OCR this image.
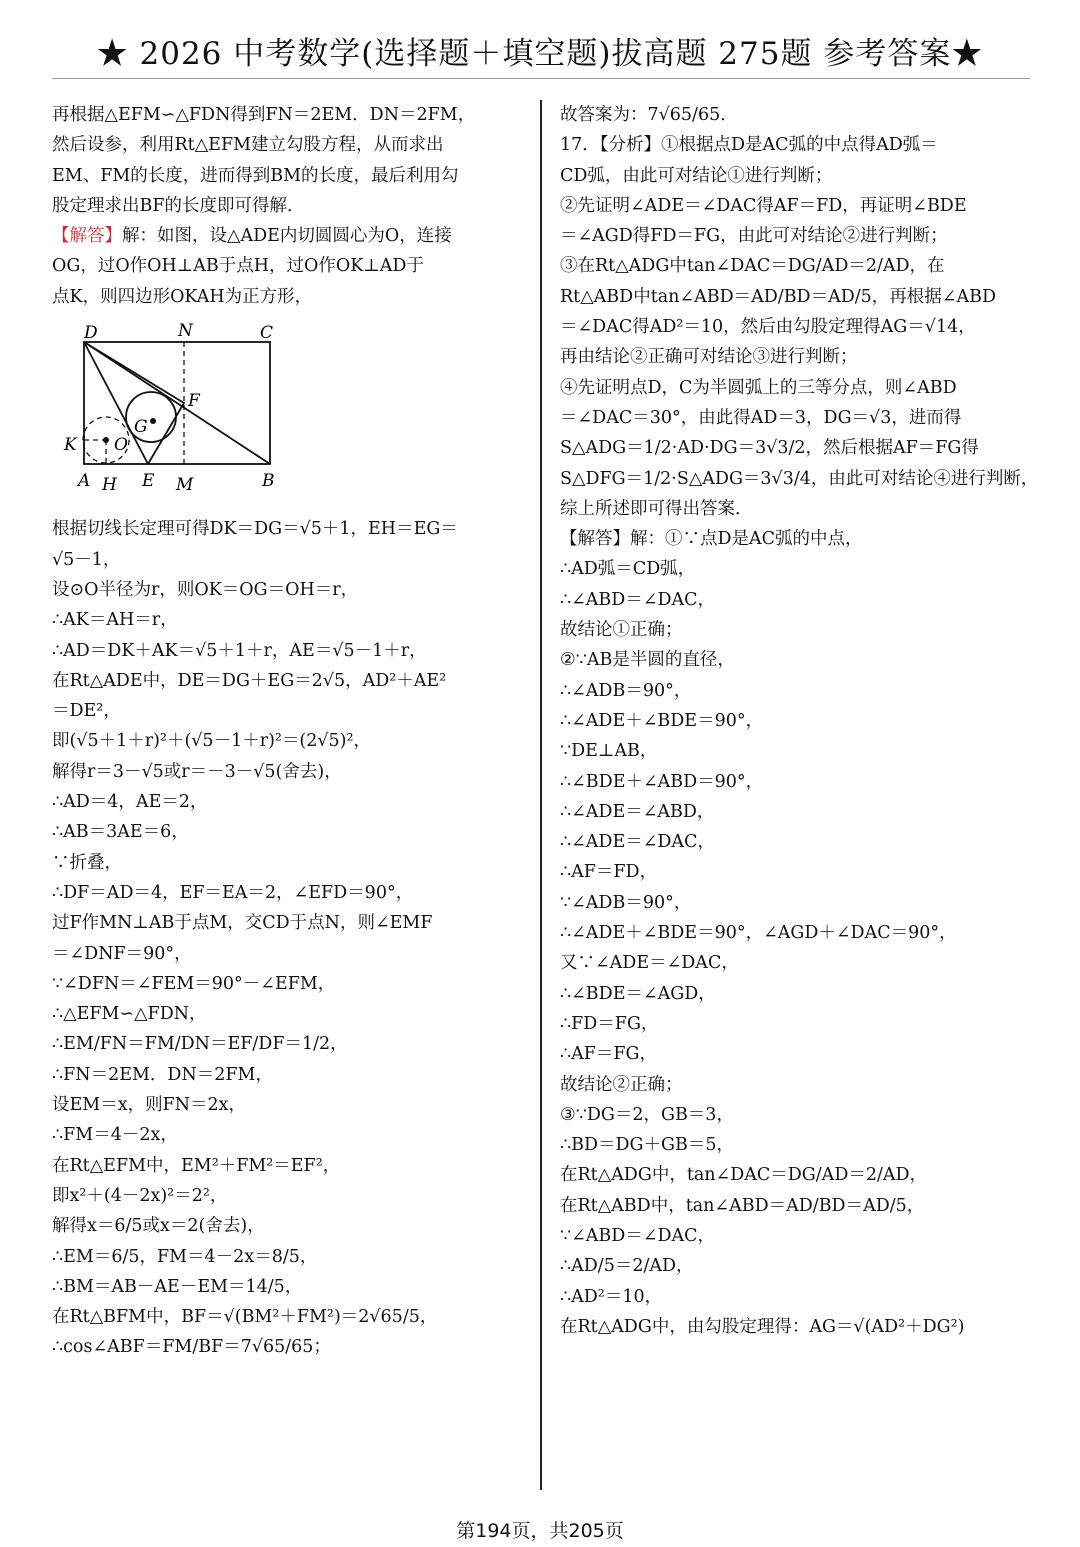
★ 2026 中考数学(选择题＋填空题)拔高题 275题 参考答案★
再根据△EFM∽△FDN得到FN＝2EM．DN＝2FM，
然后设参，利用Rt△EFM建立勾股方程，从而求出
EM、FM的长度，进而得到BM的长度，最后利用勾
股定理求出BF的长度即可得解．
【解答】解：如图，设△ADE内切圆圆心为O，连接
OG，过O作OH⊥AB于点H，过O作OK⊥AD于
点K，则四边形OKAH为正方形，
D	N	C
F
G
K O
A H E M	B
根据切线长定理可得DK＝DG＝√5＋1，EH＝EG＝
√5－1，
设⊙O半径为r，则OK＝OG＝OH＝r，
∴AK＝AH＝r，
∴AD＝DK＋AK＝√5＋1＋r，AE＝√5－1＋r，
在Rt△ADE中，DE＝DG＋EG＝2√5，AD²＋AE²
＝DE²，
即(√5＋1＋r)²＋(√5－1＋r)²＝(2√5)²，
解得r＝3－√5或r＝－3－√5(舍去)，
∴AD＝4，AE＝2，
∴AB＝3AE＝6，
∵折叠，
∴DF＝AD＝4，EF＝EA＝2，∠EFD＝90°，
过F作MN⊥AB于点M，交CD于点N，则∠EMF
＝∠DNF＝90°，
∵∠DFN＝∠FEM＝90°－∠EFM，
∴△EFM∽△FDN，
∴EM/FN＝FM/DN＝EF/DF＝1/2，
∴FN＝2EM．DN＝2FM，
设EM＝x，则FN＝2x，
∴FM＝4－2x，
在Rt△EFM中，EM²＋FM²＝EF²，
即x²＋(4－2x)²＝2²，
解得x＝6/5或x＝2(舍去)，
∴EM＝6/5，FM＝4－2x＝8/5，
∴BM＝AB－AE－EM＝14/5，
在Rt△BFM中，BF＝√(BM²＋FM²)＝2√65/5，
∴cos∠ABF＝FM/BF＝7√65/65；
故答案为：7√65/65．
17．【分析】①根据点D是AC弧的中点得AD弧＝
CD弧，由此可对结论①进行判断；
②先证明∠ADE＝∠DAC得AF＝FD，再证明∠BDE
＝∠AGD得FD＝FG，由此可对结论②进行判断；
③在Rt△ADG中tan∠DAC＝DG/AD＝2/AD，在
Rt△ABD中tan∠ABD＝AD/BD＝AD/5，再根据∠ABD
＝∠DAC得AD²＝10，然后由勾股定理得AG＝√14，
再由结论②正确可对结论③进行判断；
④先证明点D，C为半圆弧上的三等分点，则∠ABD
＝∠DAC＝30°，由此得AD＝3，DG＝√3，进而得
S△ADG＝1/2·AD·DG＝3√3/2，然后根据AF＝FG得
S△DFG＝1/2·S△ADG＝3√3/4，由此可对结论④进行判断，
综上所述即可得出答案．
【解答】解：①∵点D是AC弧的中点，
∴AD弧＝CD弧，
∴∠ABD＝∠DAC，
故结论①正确；
②∵AB是半圆的直径，
∴∠ADB＝90°，
∴∠ADE＋∠BDE＝90°，
∵DE⊥AB，
∴∠BDE＋∠ABD＝90°，
∴∠ADE＝∠ABD，
∴∠ADE＝∠DAC，
∴AF＝FD，
∵∠ADB＝90°，
∴∠ADE＋∠BDE＝90°，∠AGD＋∠DAC＝90°，
又∵∠ADE＝∠DAC，
∴∠BDE＝∠AGD，
∴FD＝FG，
∴AF＝FG，
故结论②正确；
③∵DG＝2，GB＝3，
∴BD＝DG＋GB＝5，
在Rt△ADG中，tan∠DAC＝DG/AD＝2/AD，
在Rt△ABD中，tan∠ABD＝AD/BD＝AD/5，
∵∠ABD＝∠DAC，
∴AD/5＝2/AD，
∴AD²＝10，
在Rt△ADG中，由勾股定理得：AG＝√(AD²＋DG²)
第194页，共205页
